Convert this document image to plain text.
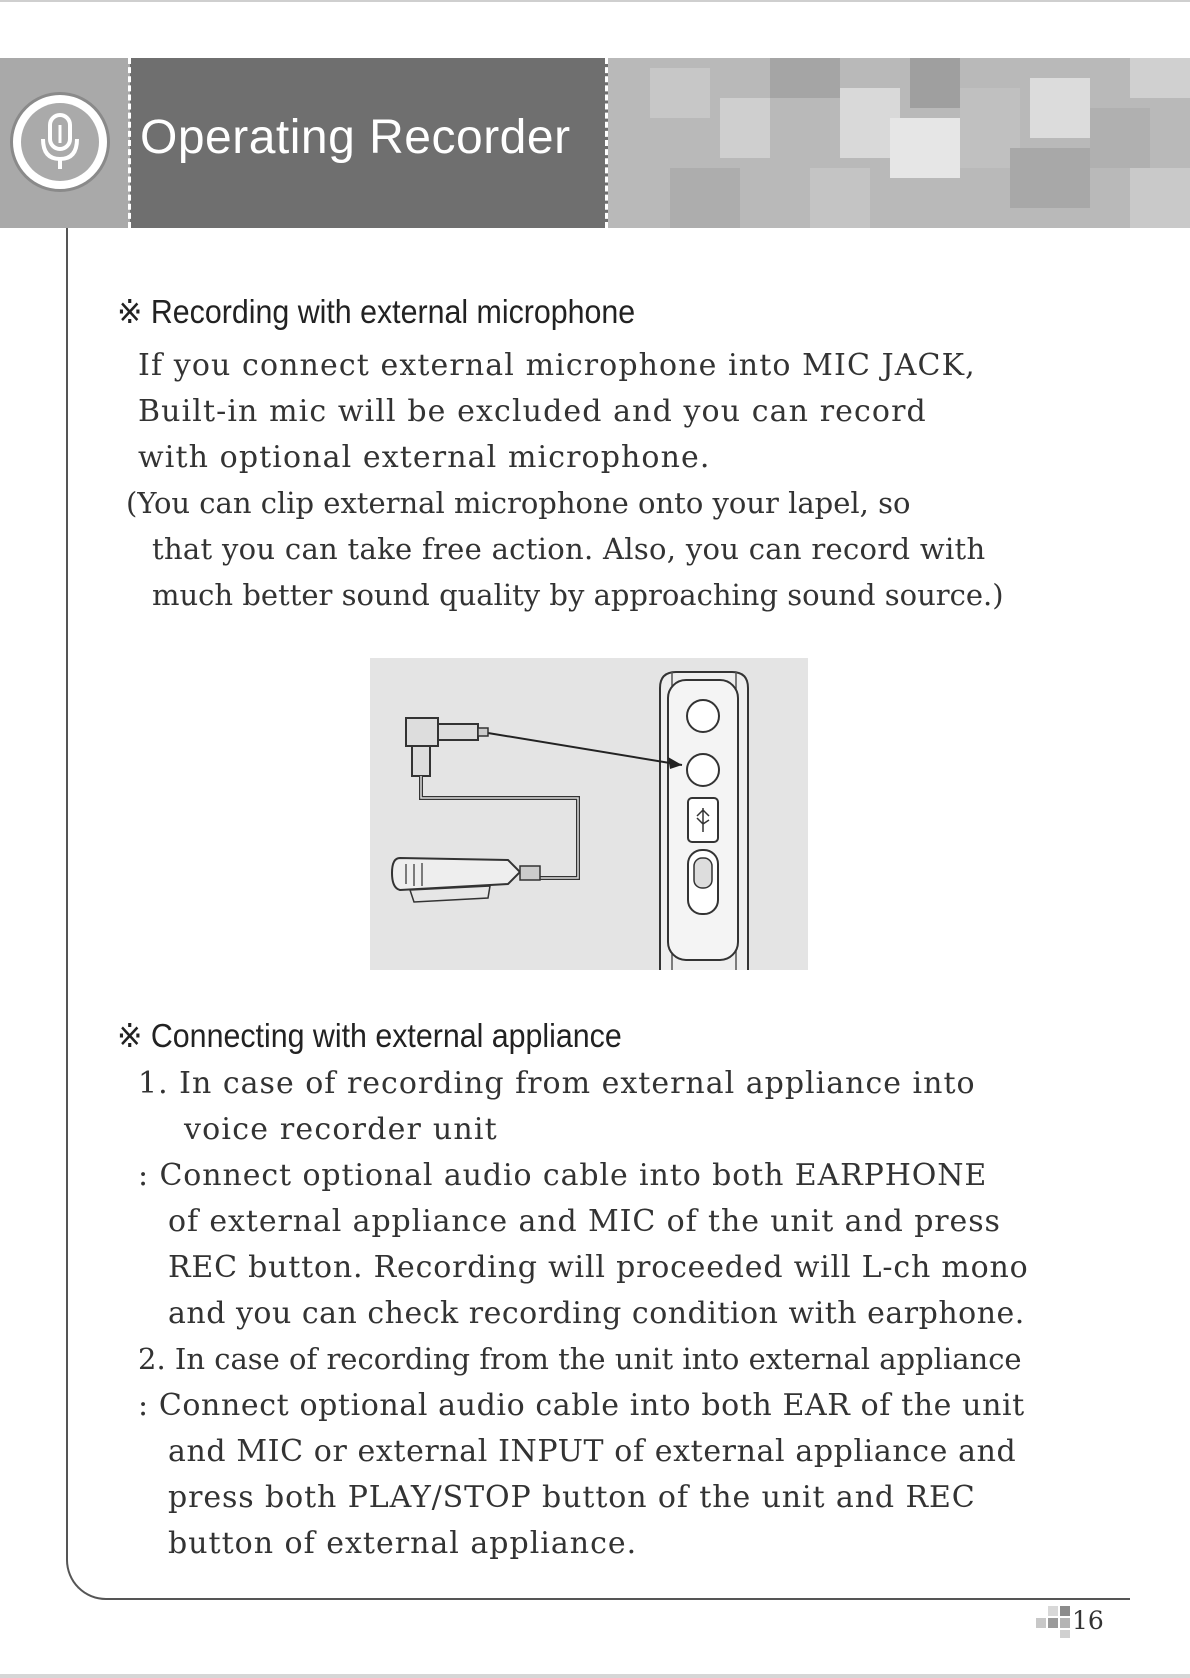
Operating Recorder
※ Recording with external microphone
If you connect external microphone into MIC JACK,
Built-in mic will be excluded and you can record
with optional external microphone.
(You can clip external microphone onto your lapel, so
that you can take free action. Also, you can record with
much better sound quality by approaching sound source.)
※ Connecting with external appliance
1. In case of recording from external appliance into
voice recorder unit
: Connect optional audio cable into both EARPHONE
of external appliance and MIC of the unit and press
REC button. Recording will proceeded will L-ch mono
and you can check recording condition with earphone.
2. In case of recording from the unit into external appliance
: Connect optional audio cable into both EAR of the unit
and MIC or external INPUT of external appliance and
press both PLAY/STOP button of the unit and REC
button of external appliance.
16
